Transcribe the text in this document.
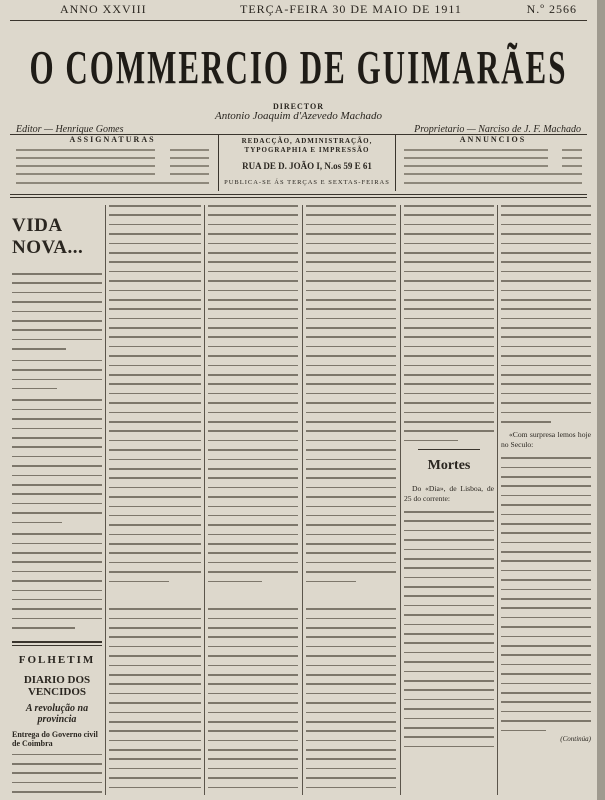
ANNO XXVIII	TERÇA-FEIRA 30 DE MAIO DE 1911	N.º 2566
O COMMERCIO DE GUIMARÃES
DIRECTOR
Antonio Joaquim d'Azevedo Machado
Editor — Henrique Gomes	Proprietario — Narciso de J. F. Machado
ASSIGNATURAS	REDACÇÃO, ADMINISTRAÇÃO, TYPOGRAPHIA E IMPRESSÃO
RUA DE D. JOÃO I, N.os 59 E 61
PUBLICA-SE ÁS TERÇAS E SEXTAS-FEIRAS
ANNUNCIOS
VIDA NOVA...
FOLHETIM
DIARIO DOS VENCIDOS
A revolução na provincia
Entrega do Governo civil de Coimbra
Mortes

Do «Dia», de Lisboa, de 25 do corrente:

«Com surpresa lemos hoje no Seculo:

(Continúa)
